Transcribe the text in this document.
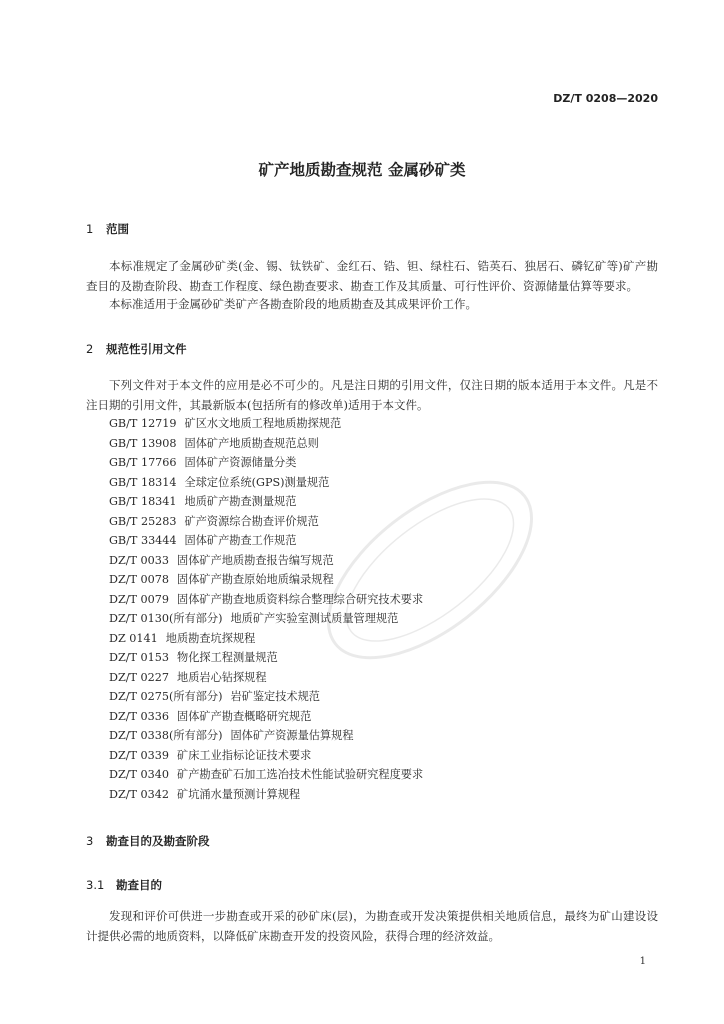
DZ/T 0208—2020
矿产地质勘查规范 金属砂矿类
1 范围
本标准规定了金属砂矿类(金、锡、钛铁矿、金红石、锆、钽、绿柱石、锆英石、独居石、磷钇矿等)矿产勘查目的及勘查阶段、勘查工作程度、绿色勘查要求、勘查工作及其质量、可行性评价、资源储量估算等要求。
本标准适用于金属砂矿类矿产各勘查阶段的地质勘查及其成果评价工作。
2 规范性引用文件
下列文件对于本文件的应用是必不可少的。凡是注日期的引用文件，仅注日期的版本适用于本文件。凡是不注日期的引用文件，其最新版本(包括所有的修改单)适用于本文件。
GB/T 12719 矿区水文地质工程地质勘探规范
GB/T 13908 固体矿产地质勘查规范总则
GB/T 17766 固体矿产资源储量分类
GB/T 18314 全球定位系统(GPS)测量规范
GB/T 18341 地质矿产勘查测量规范
GB/T 25283 矿产资源综合勘查评价规范
GB/T 33444 固体矿产勘查工作规范
DZ/T 0033 固体矿产地质勘查报告编写规范
DZ/T 0078 固体矿产勘查原始地质编录规程
DZ/T 0079 固体矿产勘查地质资料综合整理综合研究技术要求
DZ/T 0130(所有部分) 地质矿产实验室测试质量管理规范
DZ 0141 地质勘查坑探规程
DZ/T 0153 物化探工程测量规范
DZ/T 0227 地质岩心钻探规程
DZ/T 0275(所有部分) 岩矿鉴定技术规范
DZ/T 0336 固体矿产勘查概略研究规范
DZ/T 0338(所有部分) 固体矿产资源量估算规程
DZ/T 0339 矿床工业指标论证技术要求
DZ/T 0340 矿产勘查矿石加工选冶技术性能试验研究程度要求
DZ/T 0342 矿坑涌水量预测计算规程
3 勘查目的及勘查阶段
3.1 勘查目的
发现和评价可供进一步勘查或开采的砂矿床(层)，为勘查或开发决策提供相关地质信息，最终为矿山建设设计提供必需的地质资料，以降低矿床勘查开发的投资风险，获得合理的经济效益。
1
